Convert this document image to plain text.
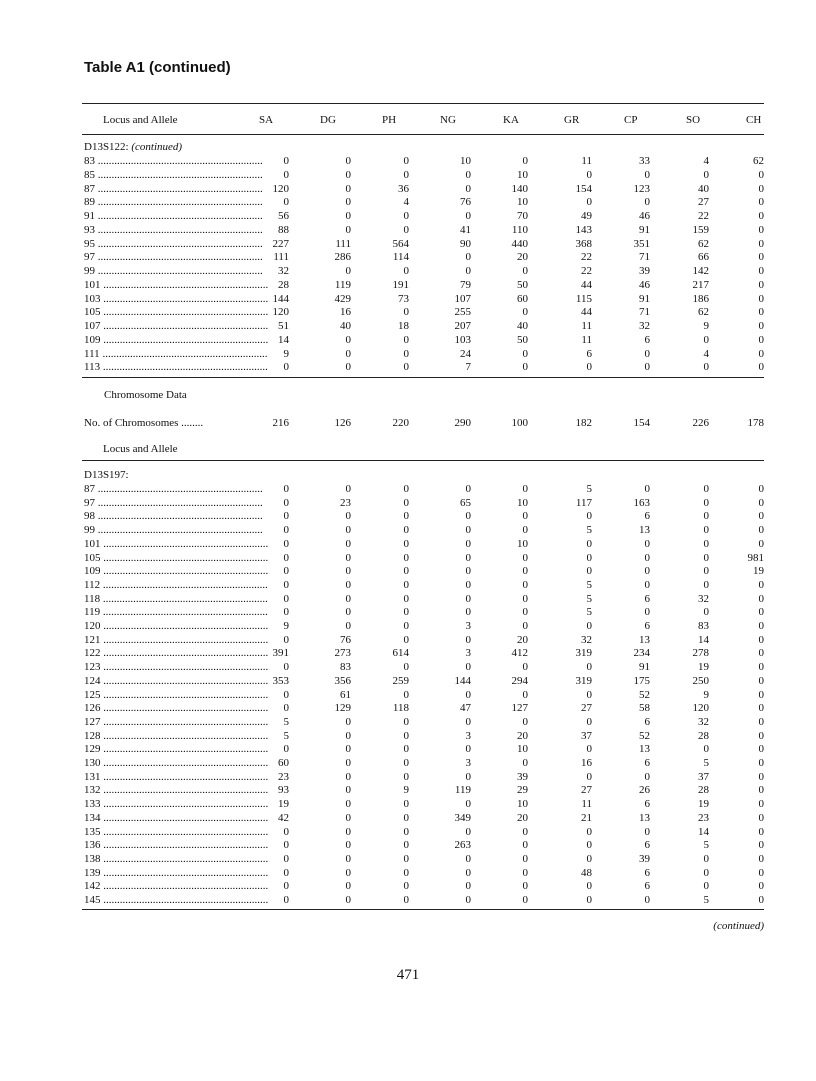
Table A1 (continued)
Locus and Allele	SA	DG	PH	NG	KA	GR	CP	SO	CH
D13S122: (continued)
83 ............................................................ 0	0	0	10	0	11	33	4	62
85 ............................................................ 0	0	0	0	10	0	0	0	0
87 ............................................................ 120	0	36	0	140	154	123	40	0
89 ............................................................ 0	0	4	76	10	0	0	27	0
91 ............................................................ 56	0	0	0	70	49	46	22	0
93 ............................................................ 88	0	0	41	110	143	91	159	0
95 ............................................................ 227	111	564	90	440	368	351	62	0
97 ............................................................ 111	286	114	0	20	22	71	66	0
99 ............................................................ 32	0	0	0	0	22	39	142	0
101 ............................................................ 28	119	191	79	50	44	46	217	0
103 ............................................................ 144	429	73	107	60	115	91	186	0
105 ............................................................ 120	16	0	255	0	44	71	62	0
107 ............................................................ 51	40	18	207	40	11	32	9	0
109 ............................................................ 14	0	0	103	50	11	6	0	0
111 ............................................................ 9	0	0	24	0	6	0	4	0
113 ............................................................ 0	0	0	7	0	0	0	0	0
Chromosome Data
No. of Chromosomes ........	216	126	220	290	100	182	154	226	178
Locus and Allele
D13S197:
87 ............................................................ 0	0	0	0	0	5	0	0	0
97 ............................................................ 0	23	0	65	10	117	163	0	0
98 ............................................................ 0	0	0	0	0	0	6	0	0
99 ............................................................ 0	0	0	0	0	5	13	0	0
101 ............................................................ 0	0	0	0	10	0	0	0	0
105 ............................................................ 0	0	0	0	0	0	0	0	981
109 ............................................................ 0	0	0	0	0	0	0	0	19
112 ............................................................ 0	0	0	0	0	5	0	0	0
118 ............................................................ 0	0	0	0	0	5	6	32	0
119 ............................................................ 0	0	0	0	0	5	0	0	0
120 ............................................................ 9	0	0	3	0	0	6	83	0
121 ............................................................ 0	76	0	0	20	32	13	14	0
122 ............................................................ 391	273	614	3	412	319	234	278	0
123 ............................................................ 0	83	0	0	0	0	91	19	0
124 ............................................................ 353	356	259	144	294	319	175	250	0
125 ............................................................ 0	61	0	0	0	0	52	9	0
126 ............................................................ 0	129	118	47	127	27	58	120	0
127 ............................................................ 5	0	0	0	0	0	6	32	0
128 ............................................................ 5	0	0	3	20	37	52	28	0
129 ............................................................ 0	0	0	0	10	0	13	0	0
130 ............................................................ 60	0	0	3	0	16	6	5	0
131 ............................................................ 23	0	0	0	39	0	0	37	0
132 ............................................................ 93	0	9	119	29	27	26	28	0
133 ............................................................ 19	0	0	0	10	11	6	19	0
134 ............................................................ 42	0	0	349	20	21	13	23	0
135 ............................................................ 0	0	0	0	0	0	0	14	0
136 ............................................................ 0	0	0	263	0	0	6	5	0
138 ............................................................ 0	0	0	0	0	0	39	0	0
139 ............................................................ 0	0	0	0	0	48	6	0	0
142 ............................................................ 0	0	0	0	0	0	6	0	0
145 ............................................................ 0	0	0	0	0	0	0	5	0
(continued)
471
